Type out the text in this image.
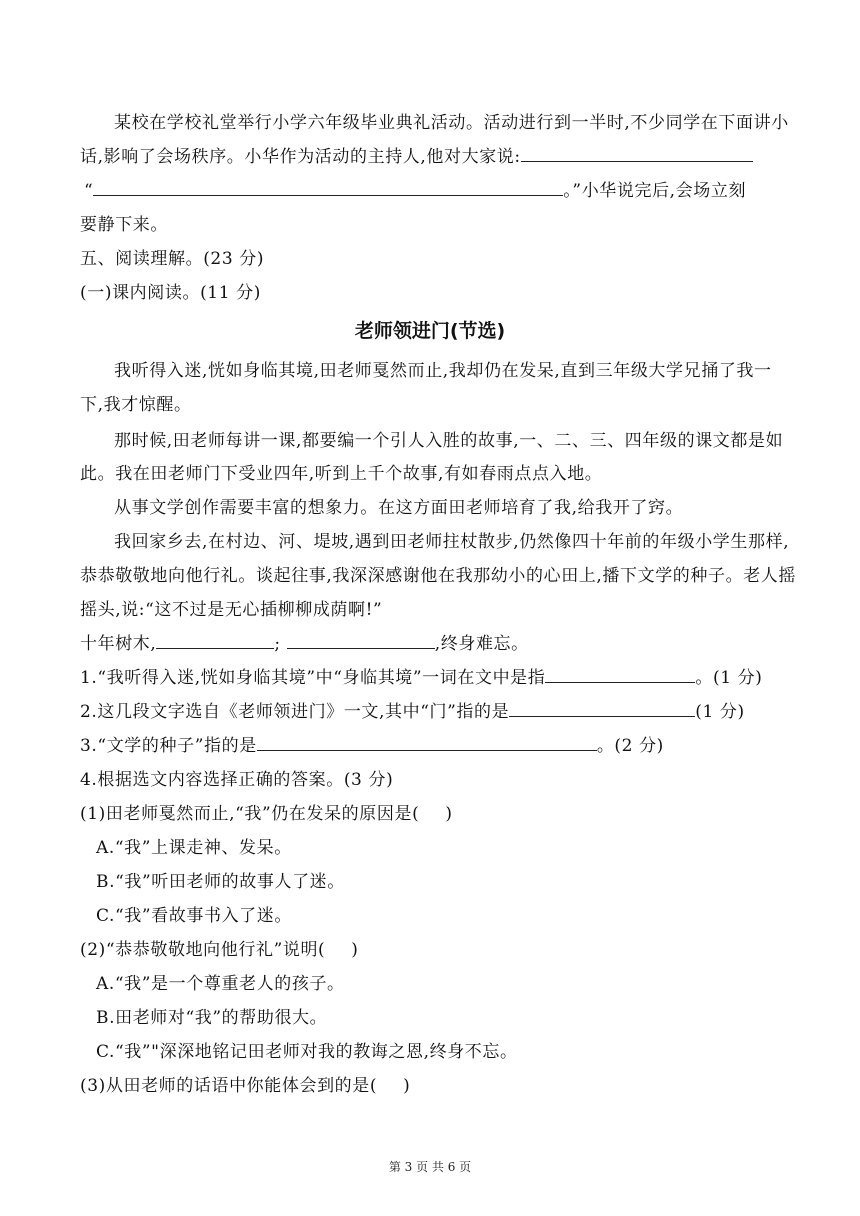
某校在学校礼堂举行小学六年级毕业典礼活动。活动进行到一半时,不少同学在下面讲小
话,影响了会场秩序。小华作为活动的主持人,他对大家说:
“	。”小华说完后,会场立刻
要静下来。
五、阅读理解。(23 分)
(一)课内阅读。(11 分)
老师领进门(节选)
我听得入迷,恍如身临其境,田老师戛然而止,我却仍在发呆,直到三年级大学兄捅了我一
下,我才惊醒。
那时候,田老师每讲一课,都要编一个引人入胜的故事,一、二、三、四年级的课文都是如
此。我在田老师门下受业四年,听到上千个故事,有如春雨点点入地。
从事文学创作需要丰富的想象力。在这方面田老师培育了我,给我开了窍。
我回家乡去,在村边、河、堤坡,遇到田老师拄杖散步,仍然像四十年前的年级小学生那样,
恭恭敬敬地向他行礼。谈起往事,我深深感谢他在我那幼小的心田上,播下文学的种子。老人摇
摇头,说:“这不过是无心插柳柳成荫啊!”
十年树木,	;	,终身难忘。
1.“我听得入迷,恍如身临其境”中“身临其境”一词在文中是指	。(1 分)
2.这几段文字选自《老师领进门》一文,其中“门”指的是	(1 分)
3.“文学的种子”指的是	。(2 分)
4.根据选文内容选择正确的答案。(3 分)
(1)田老师戛然而止,“我”仍在发呆的原因是( )
A.“我”上课走神、发呆。
B.“我”听田老师的故事人了迷。
C.“我”看故事书入了迷。
(2)“恭恭敬敬地向他行礼”说明( )
A.“我”是一个尊重老人的孩子。
B.田老师对“我”的帮助很大。
C.“我”"深深地铭记田老师对我的教诲之恩,终身不忘。
(3)从田老师的话语中你能体会到的是( )
第 3 页 共 6 页
